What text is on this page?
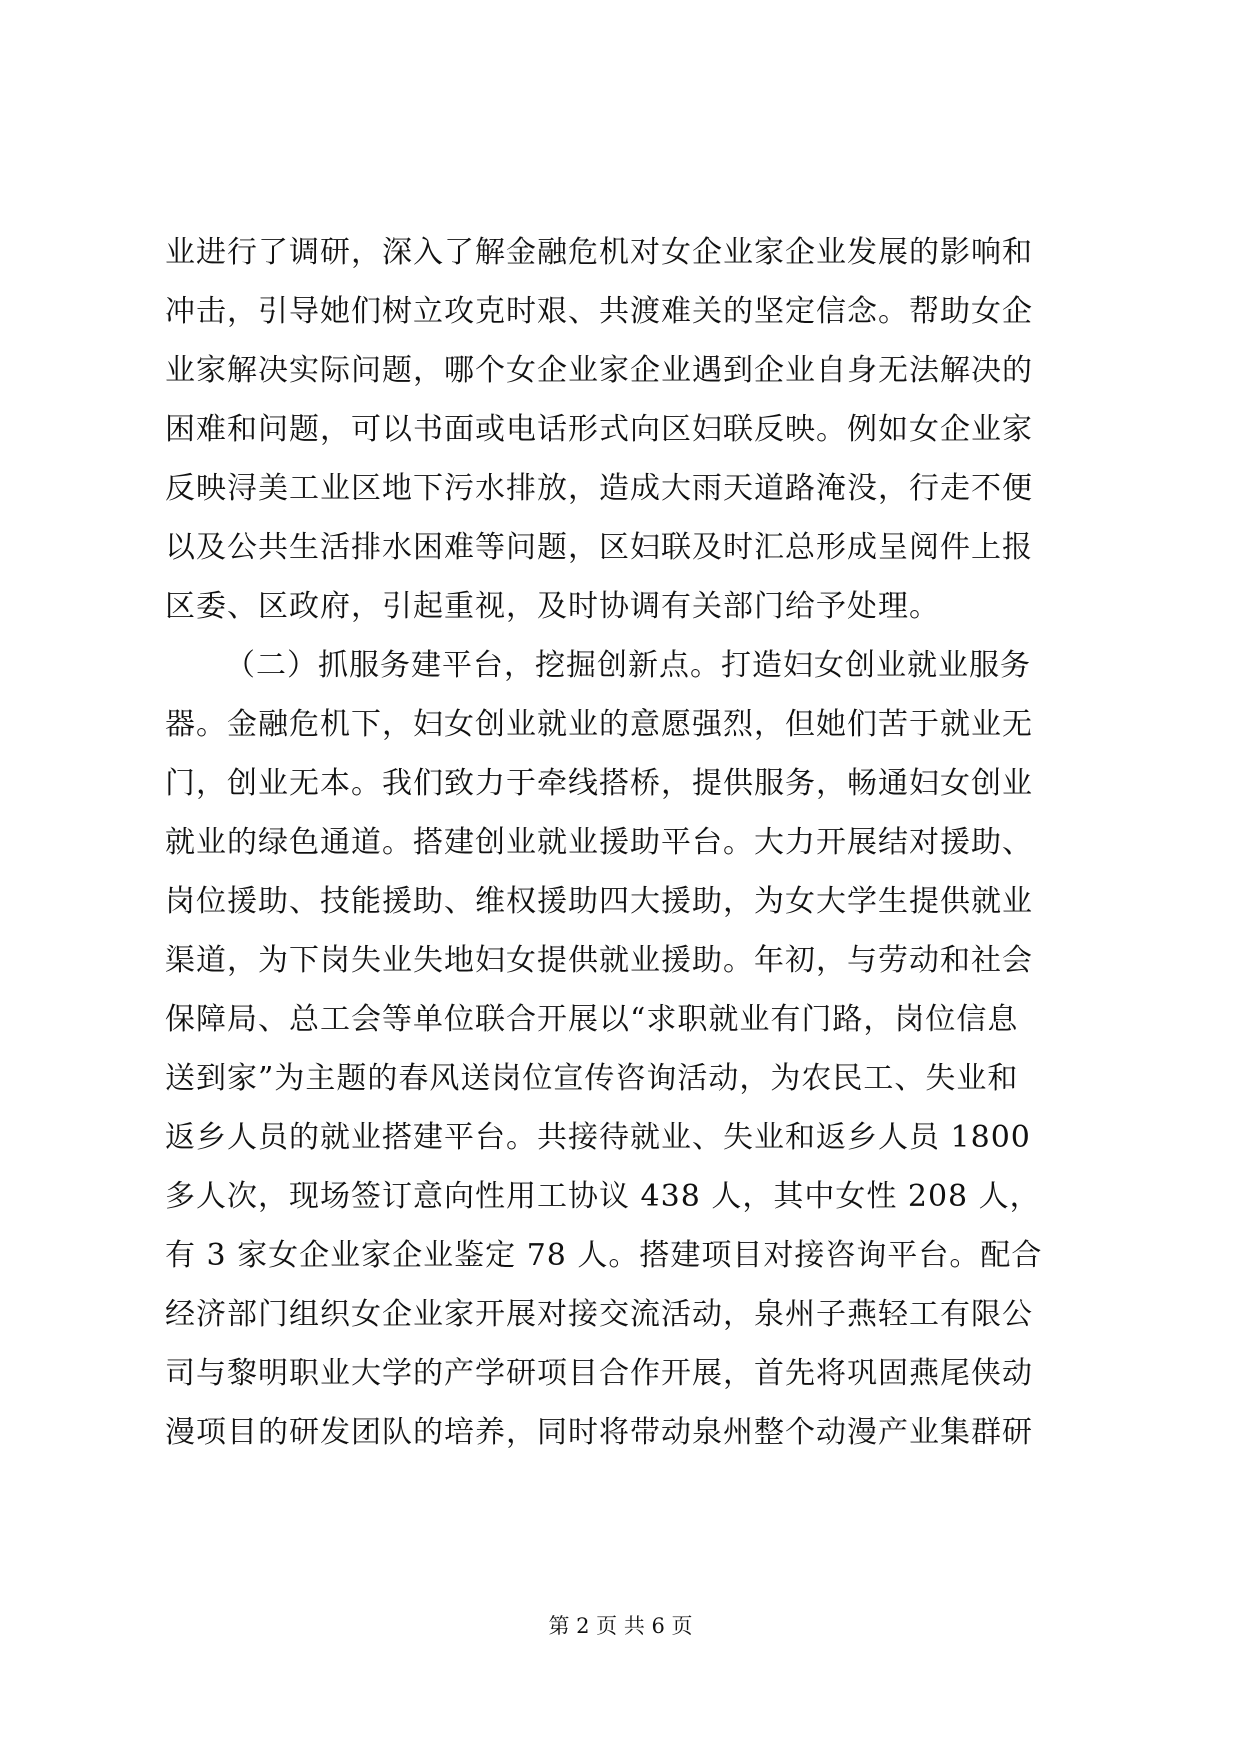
业进行了调研，深入了解金融危机对女企业家企业发展的影响和
冲击，引导她们树立攻克时艰、共渡难关的坚定信念。帮助女企
业家解决实际问题，哪个女企业家企业遇到企业自身无法解决的
困难和问题，可以书面或电话形式向区妇联反映。例如女企业家
反映浔美工业区地下污水排放，造成大雨天道路淹没，行走不便
以及公共生活排水困难等问题，区妇联及时汇总形成呈阅件上报
区委、区政府，引起重视，及时协调有关部门给予处理。
（二）抓服务建平台，挖掘创新点。打造妇女创业就业服务
器。金融危机下，妇女创业就业的意愿强烈，但她们苦于就业无
门，创业无本。我们致力于牵线搭桥，提供服务，畅通妇女创业
就业的绿色通道。搭建创业就业援助平台。大力开展结对援助、
岗位援助、技能援助、维权援助四大援助，为女大学生提供就业
渠道，为下岗失业失地妇女提供就业援助。年初，与劳动和社会
保障局、总工会等单位联合开展以“求职就业有门路，岗位信息
送到家”为主题的春风送岗位宣传咨询活动，为农民工、失业和
返乡人员的就业搭建平台。共接待就业、失业和返乡人员 1800
多人次，现场签订意向性用工协议 438 人，其中女性 208 人，
有 3 家女企业家企业鉴定 78 人。搭建项目对接咨询平台。配合
经济部门组织女企业家开展对接交流活动，泉州子燕轻工有限公
司与黎明职业大学的产学研项目合作开展，首先将巩固燕尾侠动
漫项目的研发团队的培养，同时将带动泉州整个动漫产业集群研
第 2 页 共 6 页
